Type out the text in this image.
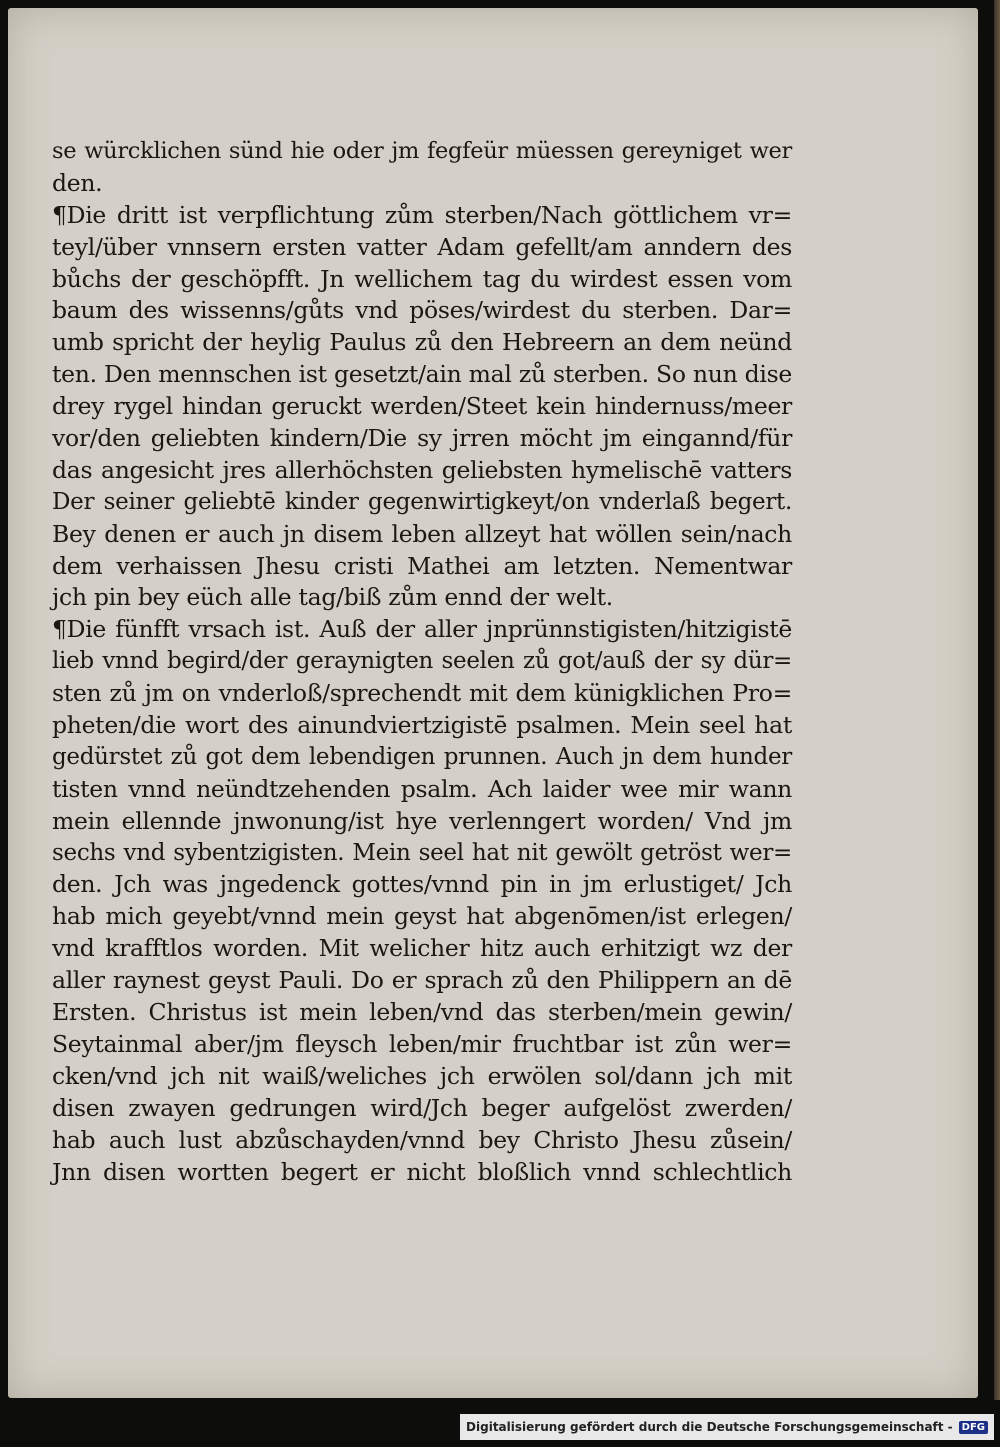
se würcklichen sünd hie oder jm fegfeür müessen gereyniget wer
den.
¶Die dritt ist verpflichtung zům sterben/Nach göttlichem vr=
teyl/über vnnsern ersten vatter Adam gefellt/am anndern des
bůchs der geschöpfft. Jn wellichem tag du wirdest essen vom
baum des wissenns/gůts vnd pöses/wirdest du sterben. Dar=
umb spricht der heylig Paulus zů den Hebreern an dem neünd
ten. Den mennschen ist gesetzt/ain mal zů sterben. So nun dise
drey rygel hindan geruckt werden/Steet kein hindernuss/meer
vor/den geliebten kindern/Die sy jrren möcht jm eingannd/für
das angesicht jres allerhöchsten geliebsten hymelischē vatters
Der seiner geliebtē kinder gegenwirtigkeyt/on vnderlaß begert.
Bey denen er auch jn disem leben allzeyt hat wöllen sein/nach
dem verhaissen Jhesu cristi Mathei am letzten. Nementwar
jch pin bey eüch alle tag/biß zům ennd der welt.
¶Die fünfft vrsach ist. Auß der aller jnprünnstigisten/hitzigistē
lieb vnnd begird/der geraynigten seelen zů got/auß der sy dür=
sten zů jm on vnderloß/sprechendt mit dem künigklichen Pro=
pheten/die wort des ainundviertzigistē psalmen. Mein seel hat
gedürstet zů got dem lebendigen prunnen. Auch jn dem hunder
tisten vnnd neündtzehenden psalm. Ach laider wee mir wann
mein ellennde jnwonung/ist hye verlenngert worden/ Vnd jm
sechs vnd sybentzigisten. Mein seel hat nit gewölt getröst wer=
den. Jch was jngedenck gottes/vnnd pin in jm erlustiget/ Jch
hab mich geyebt/vnnd mein geyst hat abgenōmen/ist erlegen/
vnd krafftlos worden. Mit welicher hitz auch erhitzigt wz der
aller raynest geyst Pauli. Do er sprach zů den Philippern an dē
Ersten. Christus ist mein leben/vnd das sterben/mein gewin/
Seytainmal aber/jm fleysch leben/mir fruchtbar ist zůn wer=
cken/vnd jch nit waiß/weliches jch erwölen sol/dann jch mit
disen zwayen gedrungen wird/Jch beger aufgelöst zwerden/
hab auch lust abzůschayden/vnnd bey Christo Jhesu zůsein/
Jnn disen wortten begert er nicht bloßlich vnnd schlechtlich
Digitalisierung gefördert durch die Deutsche Forschungsgemeinschaft - DFG
